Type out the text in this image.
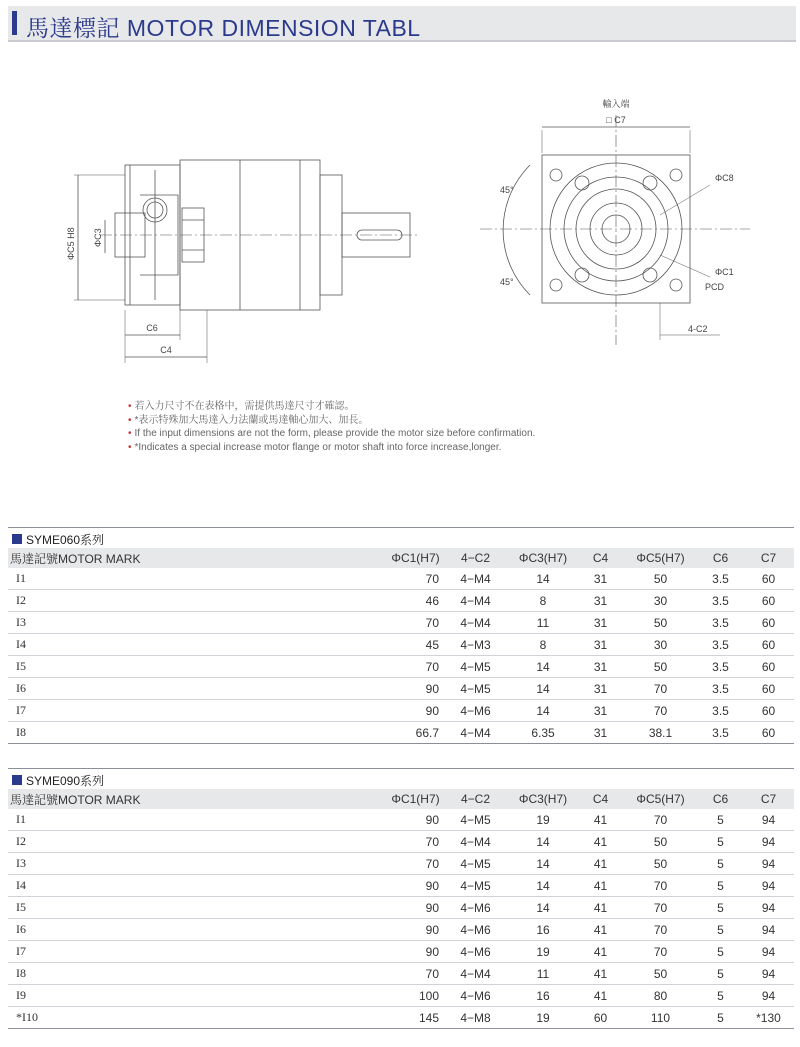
馬達標記 MOTOR DIMENSION TABL
輸入端
□ C7
ΦC8
ΦC1
PCD
4-C2
45°
45°
ΦC5 H8 ΦC3
C6
C4
• 若入力尺寸不在表格中，需提供馬達尺寸才確認。
• *表示特殊加大馬達入力法蘭或馬達軸心加大、加長。
• If the input dimensions are not the form, please provide the motor size before confirmation.
• *Indicates a special increase motor flange or motor shaft into force increase,longer.
SYME060系列
馬達記號MOTOR MARK	ΦC1(H7)	4−C2	ΦC3(H7)	C4	ΦC5(H7)	C6	C7
I1	70	4−M4	14	31	50	3.5	60
I2	46	4−M4	8	31	30	3.5	60
I3	70	4−M4	11	31	50	3.5	60
I4	45	4−M3	8	31	30	3.5	60
I5	70	4−M5	14	31	50	3.5	60
I6	90	4−M5	14	31	70	3.5	60
I7	90	4−M6	14	31	70	3.5	60
I8	66.7	4−M4	6.35	31	38.1	3.5	60
SYME090系列
馬達記號MOTOR MARK	ΦC1(H7)	4−C2	ΦC3(H7)	C4	ΦC5(H7)	C6	C7
I1	90	4−M5	19	41	70	5	94
I2	70	4−M4	14	41	50	5	94
I3	70	4−M5	14	41	50	5	94
I4	90	4−M5	14	41	70	5	94
I5	90	4−M6	14	41	70	5	94
I6	90	4−M6	16	41	70	5	94
I7	90	4−M6	19	41	70	5	94
I8	70	4−M4	11	41	50	5	94
I9	100	4−M6	16	41	80	5	94
*I10	145	4−M8	19	60	110	5	*130
